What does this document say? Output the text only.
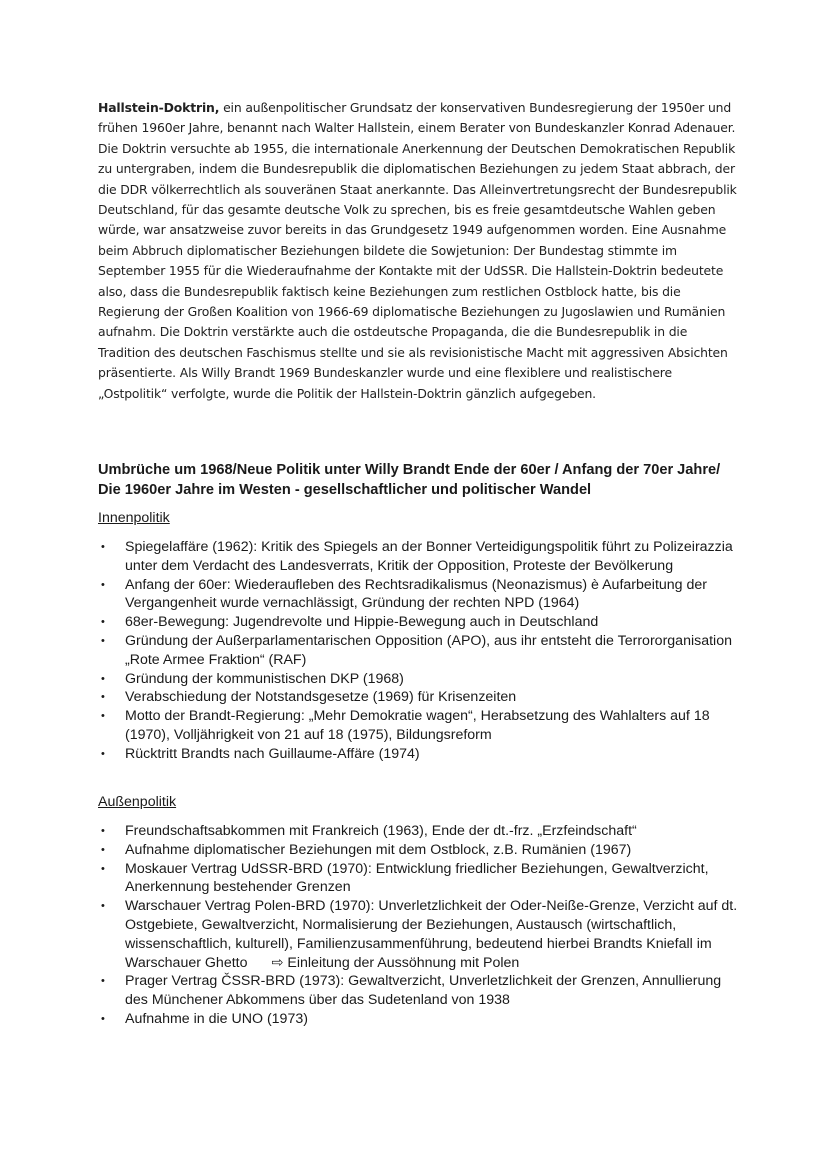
Hallstein-Doktrin, ein außenpolitischer Grundsatz der konservativen Bundesregierung der 1950er und frühen 1960er Jahre, benannt nach Walter Hallstein, einem Berater von Bundeskanzler Konrad Adenauer. Die Doktrin versuchte ab 1955, die internationale Anerkennung der Deutschen Demokratischen Republik zu untergraben, indem die Bundesrepublik die diplomatischen Beziehungen zu jedem Staat abbrach, der die DDR völkerrechtlich als souveränen Staat anerkannte. Das Alleinvertretungsrecht der Bundesrepublik Deutschland, für das gesamte deutsche Volk zu sprechen, bis es freie gesamtdeutsche Wahlen geben würde, war ansatzweise zuvor bereits in das Grundgesetz 1949 aufgenommen worden. Eine Ausnahme beim Abbruch diplomatischer Beziehungen bildete die Sowjetunion: Der Bundestag stimmte im September 1955 für die Wiederaufnahme der Kontakte mit der UdSSR. Die Hallstein-Doktrin bedeutete also, dass die Bundesrepublik faktisch keine Beziehungen zum restlichen Ostblock hatte, bis die Regierung der Großen Koalition von 1966-69 diplomatische Beziehungen zu Jugoslawien und Rumänien aufnahm. Die Doktrin verstärkte auch die ostdeutsche Propaganda, die die Bundesrepublik in die Tradition des deutschen Faschismus stellte und sie als revisionistische Macht mit aggressiven Absichten präsentierte. Als Willy Brandt 1969 Bundeskanzler wurde und eine flexiblere und realistischere „Ostpolitik“ verfolgte, wurde die Politik der Hallstein-Doktrin gänzlich aufgegeben.

Umbrüche um 1968/Neue Politik unter Willy Brandt Ende der 60er / Anfang der 70er Jahre/ Die 1960er Jahre im Westen - gesellschaftlicher und politischer Wandel

Innenpolitik

• Spiegelaffäre (1962): Kritik des Spiegels an der Bonner Verteidigungspolitik führt zu Polizeirazzia unter dem Verdacht des Landesverrats, Kritik der Opposition, Proteste der Bevölkerung
• Anfang der 60er: Wiederaufleben des Rechtsradikalismus (Neonazismus) è Aufarbeitung der Vergangenheit wurde vernachlässigt, Gründung der rechten NPD (1964)
• 68er-Bewegung: Jugendrevolte und Hippie-Bewegung auch in Deutschland
• Gründung der Außerparlamentarischen Opposition (APO), aus ihr entsteht die Terrororganisation „Rote Armee Fraktion“ (RAF)
• Gründung der kommunistischen DKP (1968)
• Verabschiedung der Notstandsgesetze (1969) für Krisenzeiten
• Motto der Brandt-Regierung: „Mehr Demokratie wagen“, Herabsetzung des Wahlalters auf 18 (1970), Volljährigkeit von 21 auf 18 (1975), Bildungsreform
• Rücktritt Brandts nach Guillaume-Affäre (1974)

Außenpolitik

• Freundschaftsabkommen mit Frankreich (1963), Ende der dt.-frz. „Erzfeindschaft“
• Aufnahme diplomatischer Beziehungen mit dem Ostblock, z.B. Rumänien (1967)
• Moskauer Vertrag UdSSR-BRD (1970): Entwicklung friedlicher Beziehungen, Gewaltverzicht, Anerkennung bestehender Grenzen
• Warschauer Vertrag Polen-BRD (1970): Unverletzlichkeit der Oder-Neiße-Grenze, Verzicht auf dt. Ostgebiete, Gewaltverzicht, Normalisierung der Beziehungen, Austausch (wirtschaftlich, wissenschaftlich, kulturell), Familienzusammenführung, bedeutend hierbei Brandts Kniefall im Warschauer Ghetto ⇨ Einleitung der Aussöhnung mit Polen
• Prager Vertrag ČSSR-BRD (1973): Gewaltverzicht, Unverletzlichkeit der Grenzen, Annullierung des Münchener Abkommens über das Sudetenland von 1938
• Aufnahme in die UNO (1973)
